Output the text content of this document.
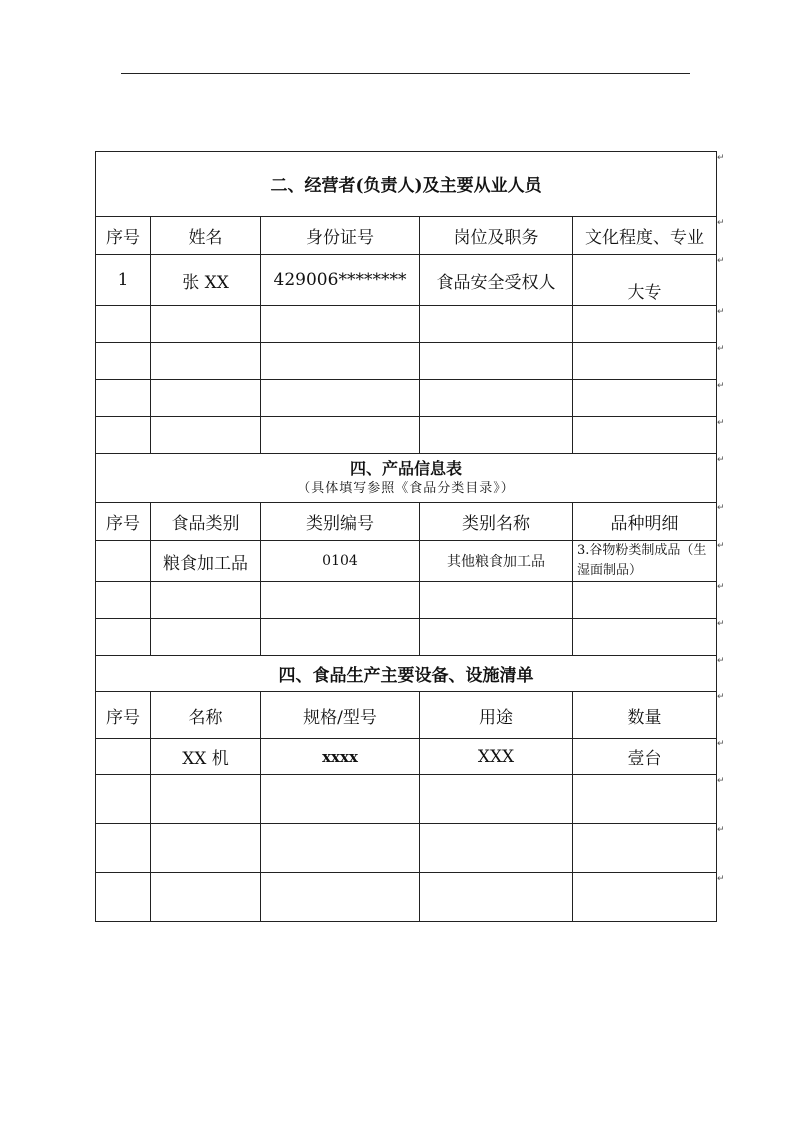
二、经营者(负责人)及主要从业人员				
序号	姓名	身份证号	岗位及职务	文化程度、专业
1	张 XX	429006********	食品安全受权人	大专

四、产品信息表
（具体填写参照《食品分类目录》）				

序号	食品类别	类别编号	类别名称	品种明细
	粮食加工品	0104	其他粮食加工品	3.谷物粉类制成品（生湿面制品）

四、食品生产主要设备、设施清单				
序号	名称	规格/型号	用途	数量
	XX 机	xxxx	XXX	壹台

↵
↵
↵
↵
↵
↵
↵
↵
↵
↵
↵
↵
↵
↵
↵
↵
↵
↵
